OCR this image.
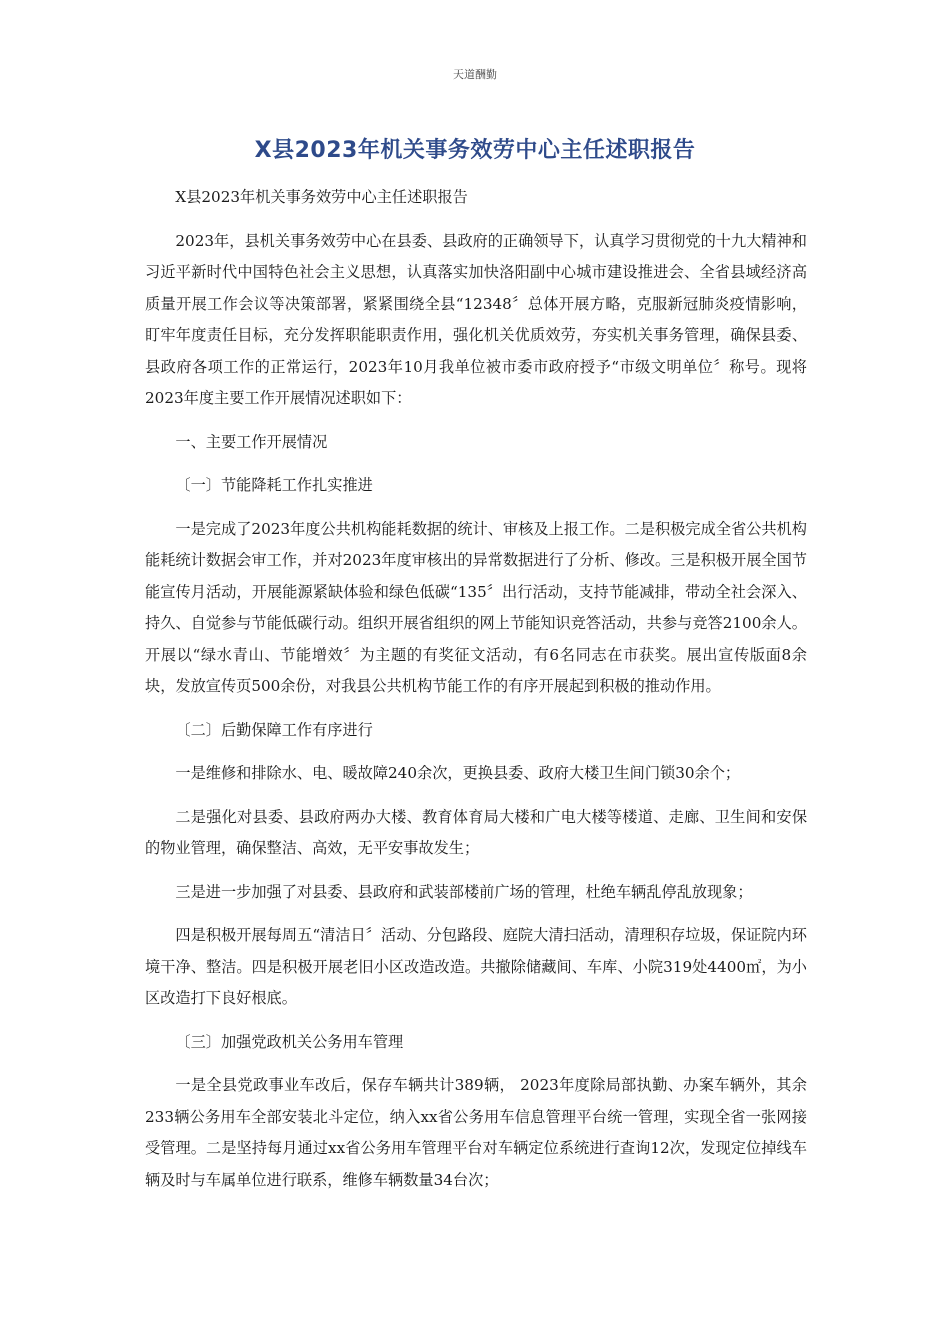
天道酬勤
X县2023年机关事务效劳中心主任述职报告

X县2023年机关事务效劳中心主任述职报告

2023年，县机关事务效劳中心在县委、县政府的正确领导下，认真学习贯彻党的十九大精神和习近平新时代中国特色社会主义思想，认真落实加快洛阳副中心城市建设推进会、全省县域经济高质量开展工作会议等决策部署，紧紧围绕全县“12348〞总体开展方略，克服新冠肺炎疫情影响，盯牢年度责任目标，充分发挥职能职责作用，强化机关优质效劳，夯实机关事务管理，确保县委、县政府各项工作的正常运行，2023年10月我单位被市委市政府授予“市级文明单位〞称号。现将2023年度主要工作开展情况述职如下：

一、主要工作开展情况

〔一〕节能降耗工作扎实推进

一是完成了2023年度公共机构能耗数据的统计、审核及上报工作。二是积极完成全省公共机构能耗统计数据会审工作，并对2023年度审核出的异常数据进行了分析、修改。三是积极开展全国节能宣传月活动，开展能源紧缺体验和绿色低碳“135〞出行活动，支持节能减排，带动全社会深入、持久、自觉参与节能低碳行动。组织开展省组织的网上节能知识竞答活动，共参与竞答2100余人。开展以“绿水青山、节能增效〞为主题的有奖征文活动，有6名同志在市获奖。展出宣传版面8余块，发放宣传页500余份，对我县公共机构节能工作的有序开展起到积极的推动作用。

〔二〕后勤保障工作有序进行

一是维修和排除水、电、暖故障240余次，更换县委、政府大楼卫生间门锁30余个；

二是强化对县委、县政府两办大楼、教育体育局大楼和广电大楼等楼道、走廊、卫生间和安保的物业管理，确保整洁、高效，无平安事故发生；

三是进一步加强了对县委、县政府和武装部楼前广场的管理，杜绝车辆乱停乱放现象；

四是积极开展每周五“清洁日〞活动、分包路段、庭院大清扫活动，清理积存垃圾，保证院内环境干净、整洁。四是积极开展老旧小区改造改造。共撤除储藏间、车库、小院319处4400㎡，为小区改造打下良好根底。

〔三〕加强党政机关公务用车管理

一是全县党政事业车改后，保存车辆共计389辆， 2023年度除局部执勤、办案车辆外，其余233辆公务用车全部安装北斗定位，纳入xx省公务用车信息管理平台统一管理，实现全省一张网接受管理。二是坚持每月通过xx省公务用车管理平台对车辆定位系统进行查询12次，发现定位掉线车辆及时与车属单位进行联系，维修车辆数量34台次；
